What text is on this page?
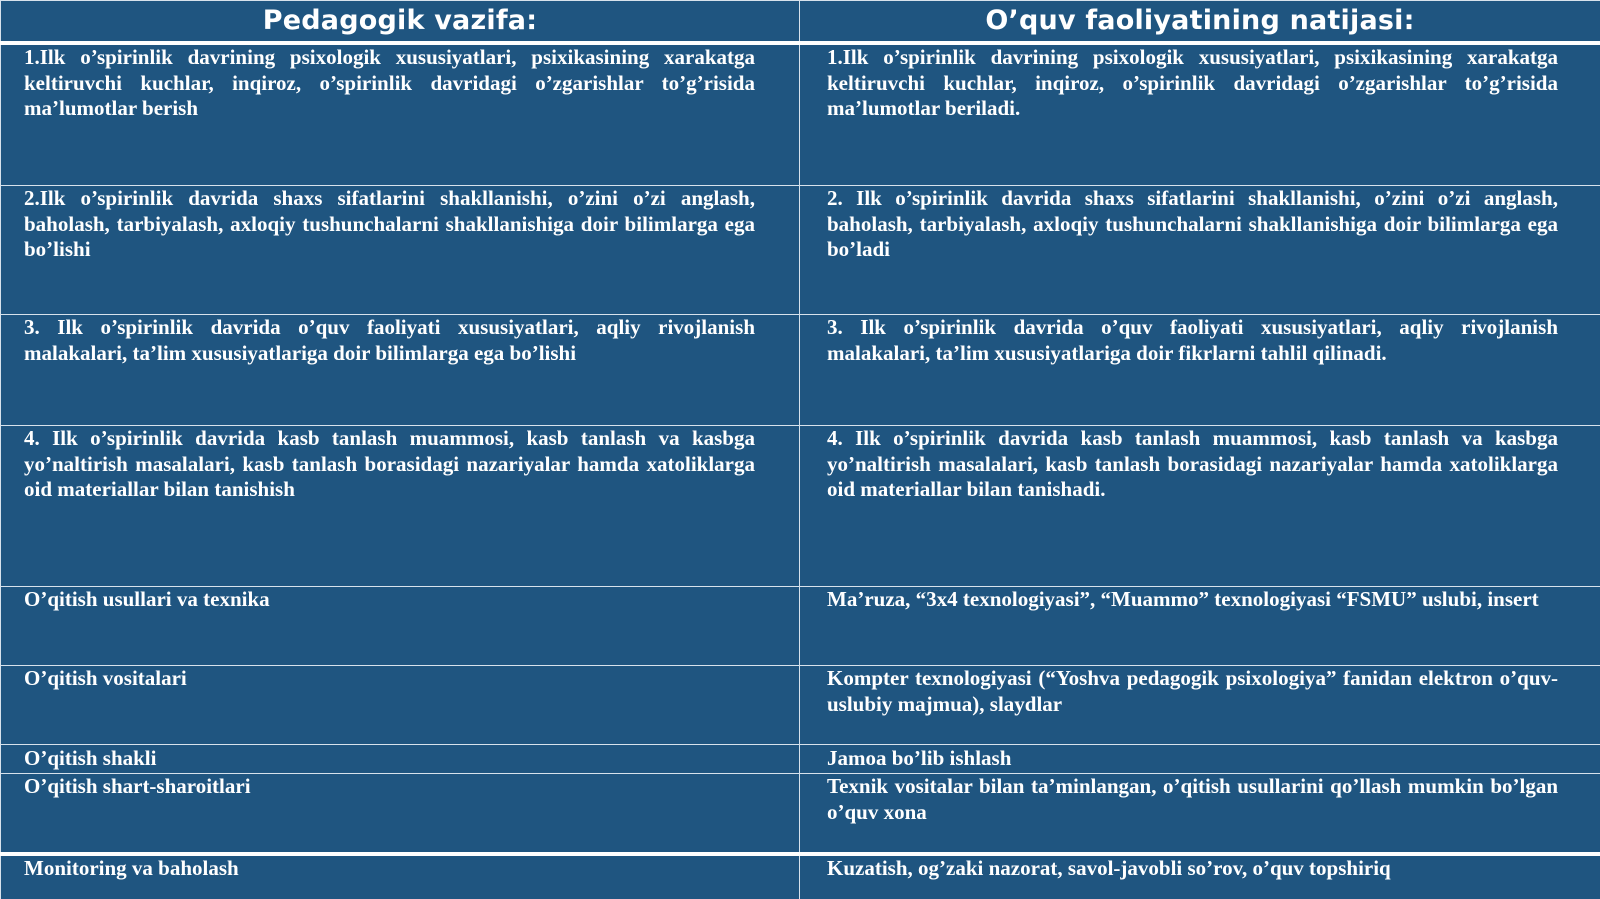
Pedagogik vazifa:	O’quv faoliyatining natijasi:

1.Ilk o’spirinlik davrining psixologik xususiyatlari, psixikasining xarakatga keltiruvchi kuchlar, inqiroz, o’spirinlik davridagi o’zgarishlar to’g’risida ma’lumotlar berish	1.Ilk o’spirinlik davrining psixologik xususiyatlari, psixikasining xarakatga keltiruvchi kuchlar, inqiroz, o’spirinlik davridagi o’zgarishlar to’g’risida ma’lumotlar beriladi.

2.Ilk o’spirinlik davrida shaxs sifatlarini shakllanishi, o’zini o’zi anglash, baholash, tarbiyalash, axloqiy tushunchalarni shakllanishiga doir bilimlarga ega bo’lishi	2. Ilk o’spirinlik davrida shaxs sifatlarini shakllanishi, o’zini o’zi anglash, baholash, tarbiyalash, axloqiy tushunchalarni shakllanishiga doir bilimlarga ega bo’ladi

3. Ilk o’spirinlik davrida o’quv faoliyati xususiyatlari, aqliy rivojlanish malakalari, ta’lim xususiyatlariga doir bilimlarga ega bo’lishi	3. Ilk o’spirinlik davrida o’quv faoliyati xususiyatlari, aqliy rivojlanish malakalari, ta’lim xususiyatlariga doir fikrlarni tahlil qilinadi.

4. Ilk o’spirinlik davrida kasb tanlash muammosi, kasb tanlash va kasbga yo’naltirish masalalari, kasb tanlash borasidagi nazariyalar hamda xatoliklarga oid materiallar bilan tanishish	4. Ilk o’spirinlik davrida kasb tanlash muammosi, kasb tanlash va kasbga yo’naltirish masalalari, kasb tanlash borasidagi nazariyalar hamda xatoliklarga oid materiallar bilan tanishadi.

O’qitish usullari va texnika	Ma’ruza, “3x4 texnologiyasi”, “Muammo” texnologiyasi “FSMU” uslubi, insert

O’qitish vositalari	Kompter texnologiyasi (“Yoshva pedagogik psixologiya” fanidan elektron o’quv-uslubiy majmua), slaydlar

O’qitish shakli	Jamoa bo’lib ishlash

O’qitish shart-sharoitlari	Texnik vositalar bilan ta’minlangan, o’qitish usullarini qo’llash mumkin bo’lgan o’quv xona

Monitoring va baholash	Kuzatish, og’zaki nazorat, savol-javobli so’rov, o’quv topshiriq
